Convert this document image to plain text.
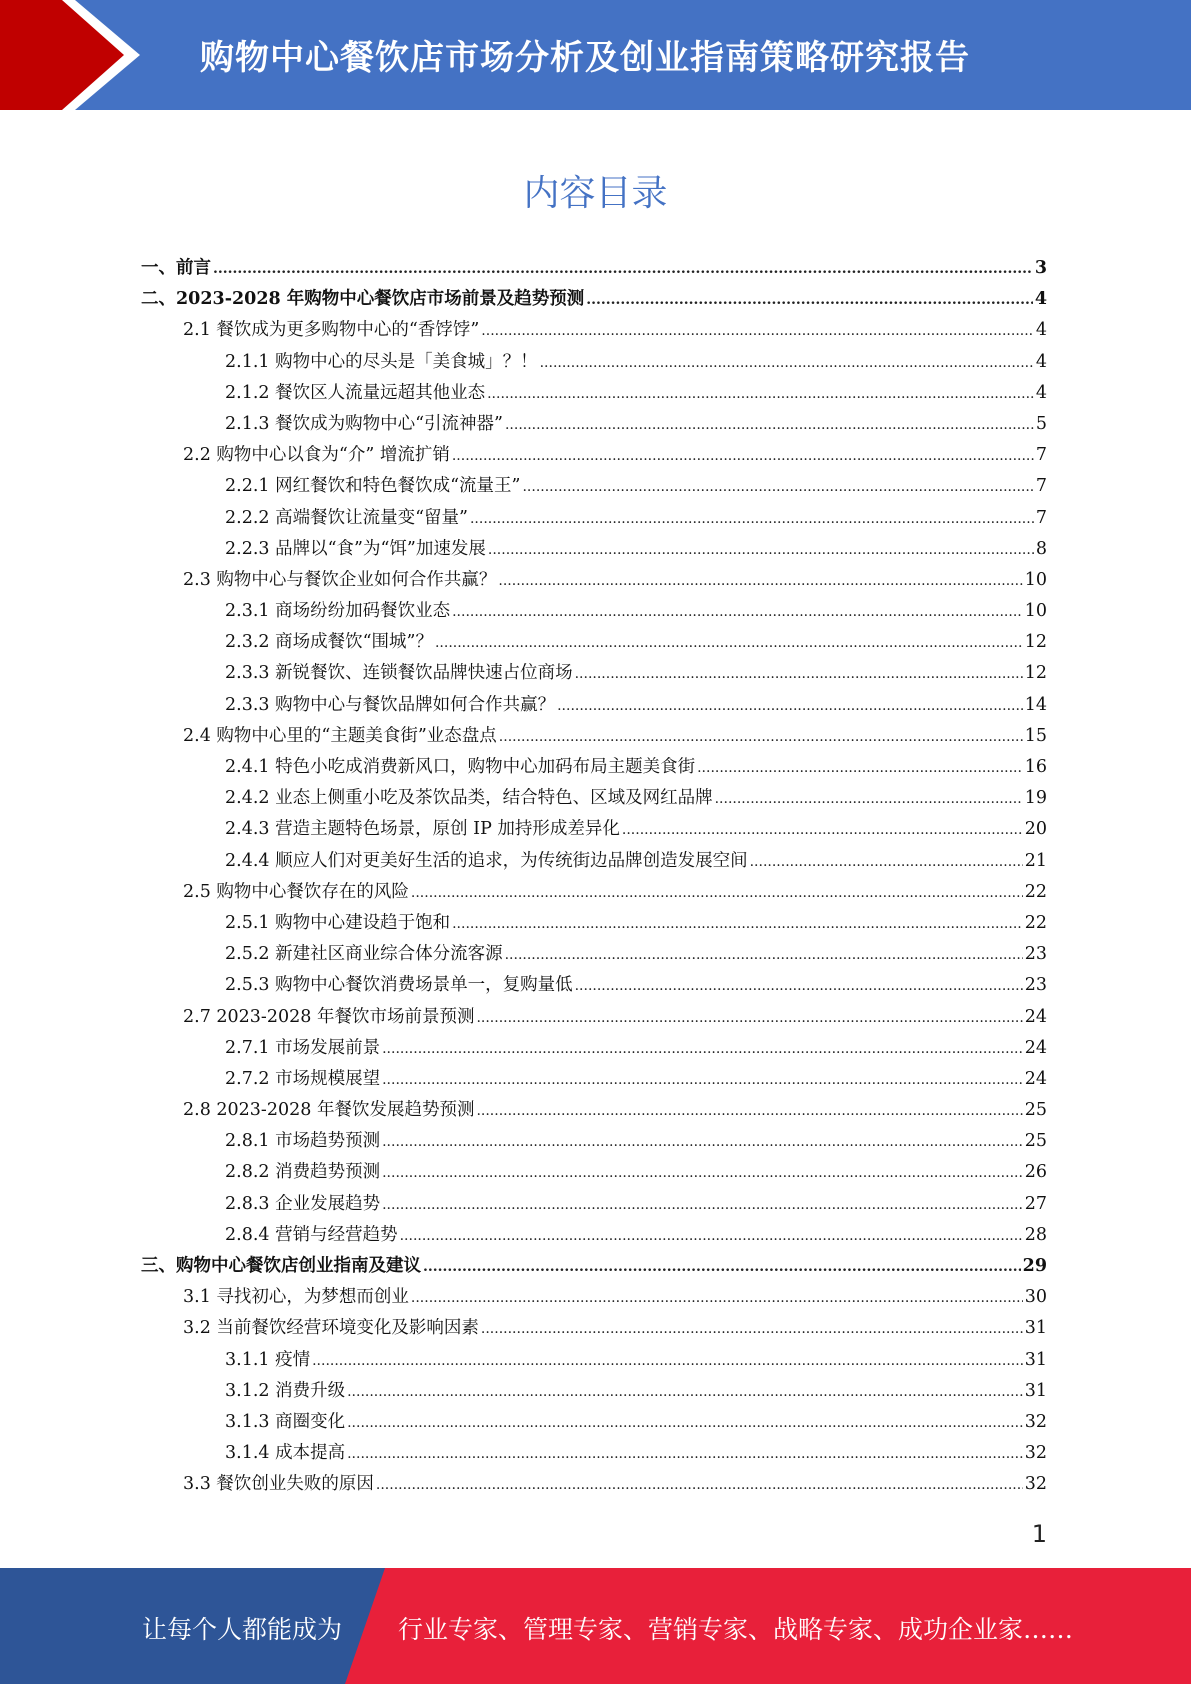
购物中心餐饮店市场分析及创业指南策略研究报告
内容目录
一、前言 .....	3
二、2023-2028 年购物中心餐饮店市场前景及趋势预测 .....	4
2.1 餐饮成为更多购物中心的“香饽饽” .....	4
2.1.1 购物中心的尽头是「美食城」？！ .....	4
2.1.2 餐饮区人流量远超其他业态 .....	4
2.1.3 餐饮成为购物中心“引流神器” .....	5
2.2 购物中心以食为“介” 增流扩销 .....	7
2.2.1 网红餐饮和特色餐饮成“流量王” .....	7
2.2.2 高端餐饮让流量变“留量” .....	7
2.2.3 品牌以“食”为“饵”加速发展 .....	8
2.3 购物中心与餐饮企业如何合作共赢？ .....	10
2.3.1 商场纷纷加码餐饮业态 .....	10
2.3.2 商场成餐饮“围城”？ .....	12
2.3.3 新锐餐饮、连锁餐饮品牌快速占位商场 .....	12
2.3.3 购物中心与餐饮品牌如何合作共赢？ .....	14
2.4 购物中心里的“主题美食街”业态盘点 .....	15
2.4.1 特色小吃成消费新风口，购物中心加码布局主题美食街 .....	16
2.4.2 业态上侧重小吃及茶饮品类，结合特色、区域及网红品牌 .....	19
2.4.3 营造主题特色场景，原创 IP 加持形成差异化 .....	20
2.4.4 顺应人们对更美好生活的追求，为传统街边品牌创造发展空间 .....	21
2.5 购物中心餐饮存在的风险 .....	22
2.5.1 购物中心建设趋于饱和 .....	22
2.5.2 新建社区商业综合体分流客源 .....	23
2.5.3 购物中心餐饮消费场景单一，复购量低 .....	23
2.7 2023-2028 年餐饮市场前景预测 .....	24
2.7.1 市场发展前景 .....	24
2.7.2 市场规模展望 .....	24
2.8 2023-2028 年餐饮发展趋势预测 .....	25
2.8.1 市场趋势预测 .....	25
2.8.2 消费趋势预测 .....	26
2.8.3 企业发展趋势 .....	27
2.8.4 营销与经营趋势 .....	28
三、购物中心餐饮店创业指南及建议 .....	29
3.1 寻找初心，为梦想而创业 .....	30
3.2 当前餐饮经营环境变化及影响因素 .....	31
3.1.1 疫情 .....	31
3.1.2 消费升级 .....	31
3.1.3 商圈变化 .....	32
3.1.4 成本提高 .....	32
3.3 餐饮创业失败的原因 .....	32
1
让每个人都能成为 行业专家、管理专家、营销专家、战略专家、成功企业家……
